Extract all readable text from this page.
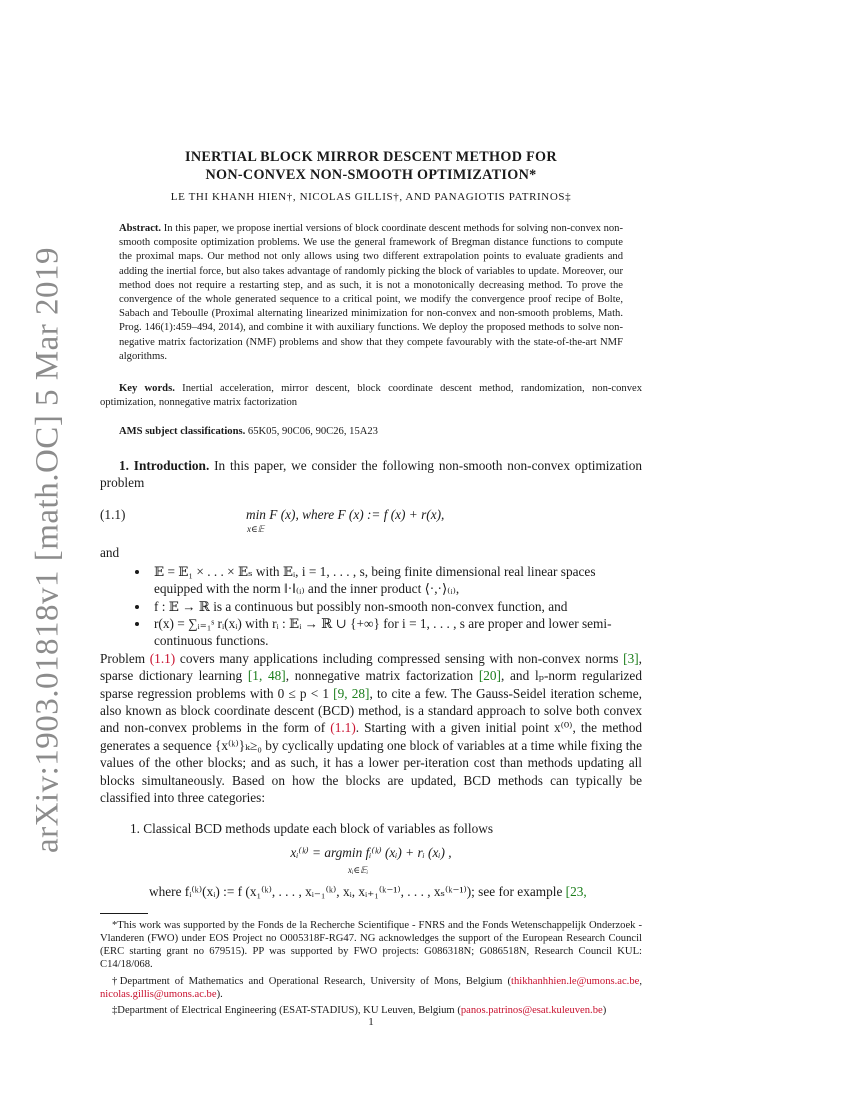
arXiv:1903.01818v1 [math.OC] 5 Mar 2019

INERTIAL BLOCK MIRROR DESCENT METHOD FOR
NON-CONVEX NON-SMOOTH OPTIMIZATION*

LE THI KHANH HIEN†, NICOLAS GILLIS†, AND PANAGIOTIS PATRINOS‡

Abstract. In this paper, we propose inertial versions of block coordinate descent methods for solving non-convex non-smooth composite optimization problems. We use the general framework of Bregman distance functions to compute the proximal maps. Our method not only allows using two different extrapolation points to evaluate gradients and adding the inertial force, but also takes advantage of randomly picking the block of variables to update. Moreover, our method does not require a restarting step, and as such, it is not a monotonically decreasing method. To prove the convergence of the whole generated sequence to a critical point, we modify the convergence proof recipe of Bolte, Sabach and Teboulle (Proximal alternating linearized minimization for non-convex and non-smooth problems, Math. Prog. 146(1):459–494, 2014), and combine it with auxiliary functions. We deploy the proposed methods to solve non-negative matrix factorization (NMF) problems and show that they compete favourably with the state-of-the-art NMF algorithms.

Key words. Inertial acceleration, mirror descent, block coordinate descent method, randomization, non-convex optimization, nonnegative matrix factorization

AMS subject classifications. 65K05, 90C06, 90C26, 15A23

1. Introduction. In this paper, we consider the following non-smooth non-convex optimization problem

(1.1)	min F (x), where F (x) := f (x) + r(x),
x∈𝔼
and
• 𝔼 = 𝔼₁ × . . . × 𝔼ₛ with 𝔼ᵢ, i = 1, . . . , s, being finite dimensional real linear spaces equipped with the norm ‖·‖₍ᵢ₎ and the inner product ⟨·,·⟩₍ᵢ₎,
• f : 𝔼 → ℝ is a continuous but possibly non-smooth non-convex function, and
• r(x) = ∑ᵢ₌₁ˢ rᵢ(xᵢ) with rᵢ : 𝔼ᵢ → ℝ ∪ {+∞} for i = 1, . . . , s are proper and lower semi-continuous functions.

Problem (1.1) covers many applications including compressed sensing with non-convex norms [3], sparse dictionary learning [1, 48], nonnegative matrix factorization [20], and lₚ-norm regularized sparse regression problems with 0 ≤ p < 1 [9, 28], to cite a few. The Gauss-Seidel iteration scheme, also known as block coordinate descent (BCD) method, is a standard approach to solve both convex and non-convex problems in the form of (1.1). Starting with a given initial point x⁽⁰⁾, the method generates a sequence {x⁽ᵏ⁾}ₖ≥₀ by cyclically updating one block of variables at a time while fixing the values of the other blocks; and as such, it has a lower per-iteration cost than methods updating all blocks simultaneously. Based on how the blocks are updated, BCD methods can typically be classified into three categories:

1. Classical BCD methods update each block of variables as follows
xᵢ⁽ᵏ⁾ = argmin fᵢ⁽ᵏ⁾ (xᵢ) + rᵢ (xᵢ) ,
xᵢ∈𝔼ᵢ
where fᵢ⁽ᵏ⁾(xᵢ) := f (x₁⁽ᵏ⁾, . . . , xᵢ₋₁⁽ᵏ⁾, xᵢ, xᵢ₊₁⁽ᵏ⁻¹⁾, . . . , xₛ⁽ᵏ⁻¹⁾); see for example [23,

*This work was supported by the Fonds de la Recherche Scientifique - FNRS and the Fonds Wetenschappelijk Onderzoek - Vlanderen (FWO) under EOS Project no O005318F-RG47. NG acknowledges the support of the European Research Council (ERC starting grant no 679515). PP was supported by FWO projects: G086318N; G086518N, Research Council KUL: C14/18/068.

†Department of Mathematics and Operational Research, University of Mons, Belgium (thikhanhhien.le@umons.ac.be, nicolas.gillis@umons.ac.be).

‡Department of Electrical Engineering (ESAT-STADIUS), KU Leuven, Belgium (panos.patrinos@esat.kuleuven.be)

1
